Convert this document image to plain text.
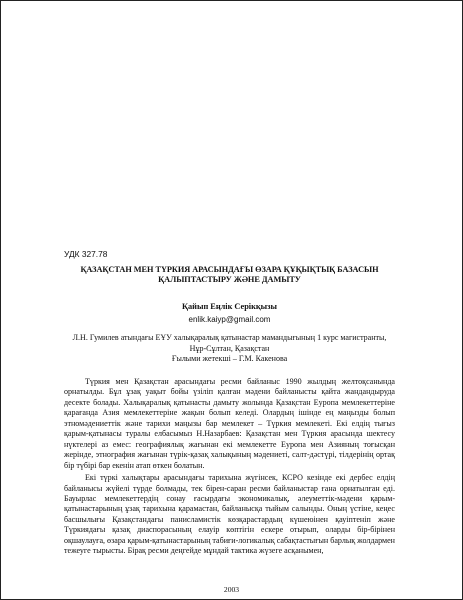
УДК 327.78
ҚАЗАҚСТАН МЕН ТҮРКИЯ АРАСЫНДАҒЫ ӨЗАРА ҚҰҚЫҚТЫҚ БАЗАСЫН ҚАЛЫПТАСТЫРУ ЖӘНЕ ДАМЫТУ
Қайып Еңлік Серікқызы
enlik.kaiyp@gmail.com
Л.Н. Гумилев атындағы ЕҰУ халықаралық қатынастар мамандығының 1 курс магистранты, Нұр-Сұлтан, Қазақстан
Ғылыми жетекші – Г.М. Какенова

Түркия мен Қазақстан арасындағы ресми байланыс 1990 жылдың желтоқсанында орнатылды. Бұл ұзақ уақыт бойы үзіліп қалған мәдени байланысты қайта жандандыруда десекте болады. Халықаралық қатынасты дамыту жолында Қазақстан Еуропа мемлекеттеріне қарағанда Азия мемлекеттеріне жақын болып келеді. Олардың ішінде ең маңызды болып этномәдениеттік және тарихи маңызы бар мемлекет – Түркия мемлекеті. Екі елдің тығыз қарым-қатынасы туралы елбасымыз Н.Назарбаев: Қазақстан мен Түркия арасында шектесу нүктелері аз емес: географиялық жағынан екі мемлекетте Еуропа мен Азияның тоғысқан жерінде, этнография жағынан түрік-қазақ халықының мәдениеті, салт-дәстүрі, тілдерінің ортақ бір түбірі бар екенін атап өткен болатын.

Екі түркі халықтары арасындағы тарихына жүгінсек, КСРО кезінде екі дербес елдің байланысы жүйелі түрде болмады, тек бірен-саран ресми байланыстар ғана орнатылған еді. Бауырлас мемлекеттердің сонау ғасырдағы экономикалық, әлеуметтік-мәдени қарым-қатынастарының ұзақ тарихына қарамастан, байланысқа тыйым салынды. Оның үстіне, кеңес басшылығы Қазақстандағы панисламистік көзқарастардың күшеюінен қауіптеніп және Түркиядағы қазақ диаспорасының елауір көптігін ескере отырып, оларды бір-бірінен оқшаулауға, өзара қарым-қатынастарының табиғи-логикалық сабақтастығын барлық жолдармен тежеуге тырысты. Бірақ ресми деңгейде мұндай тактика жүзеге асқанымен,

2003
